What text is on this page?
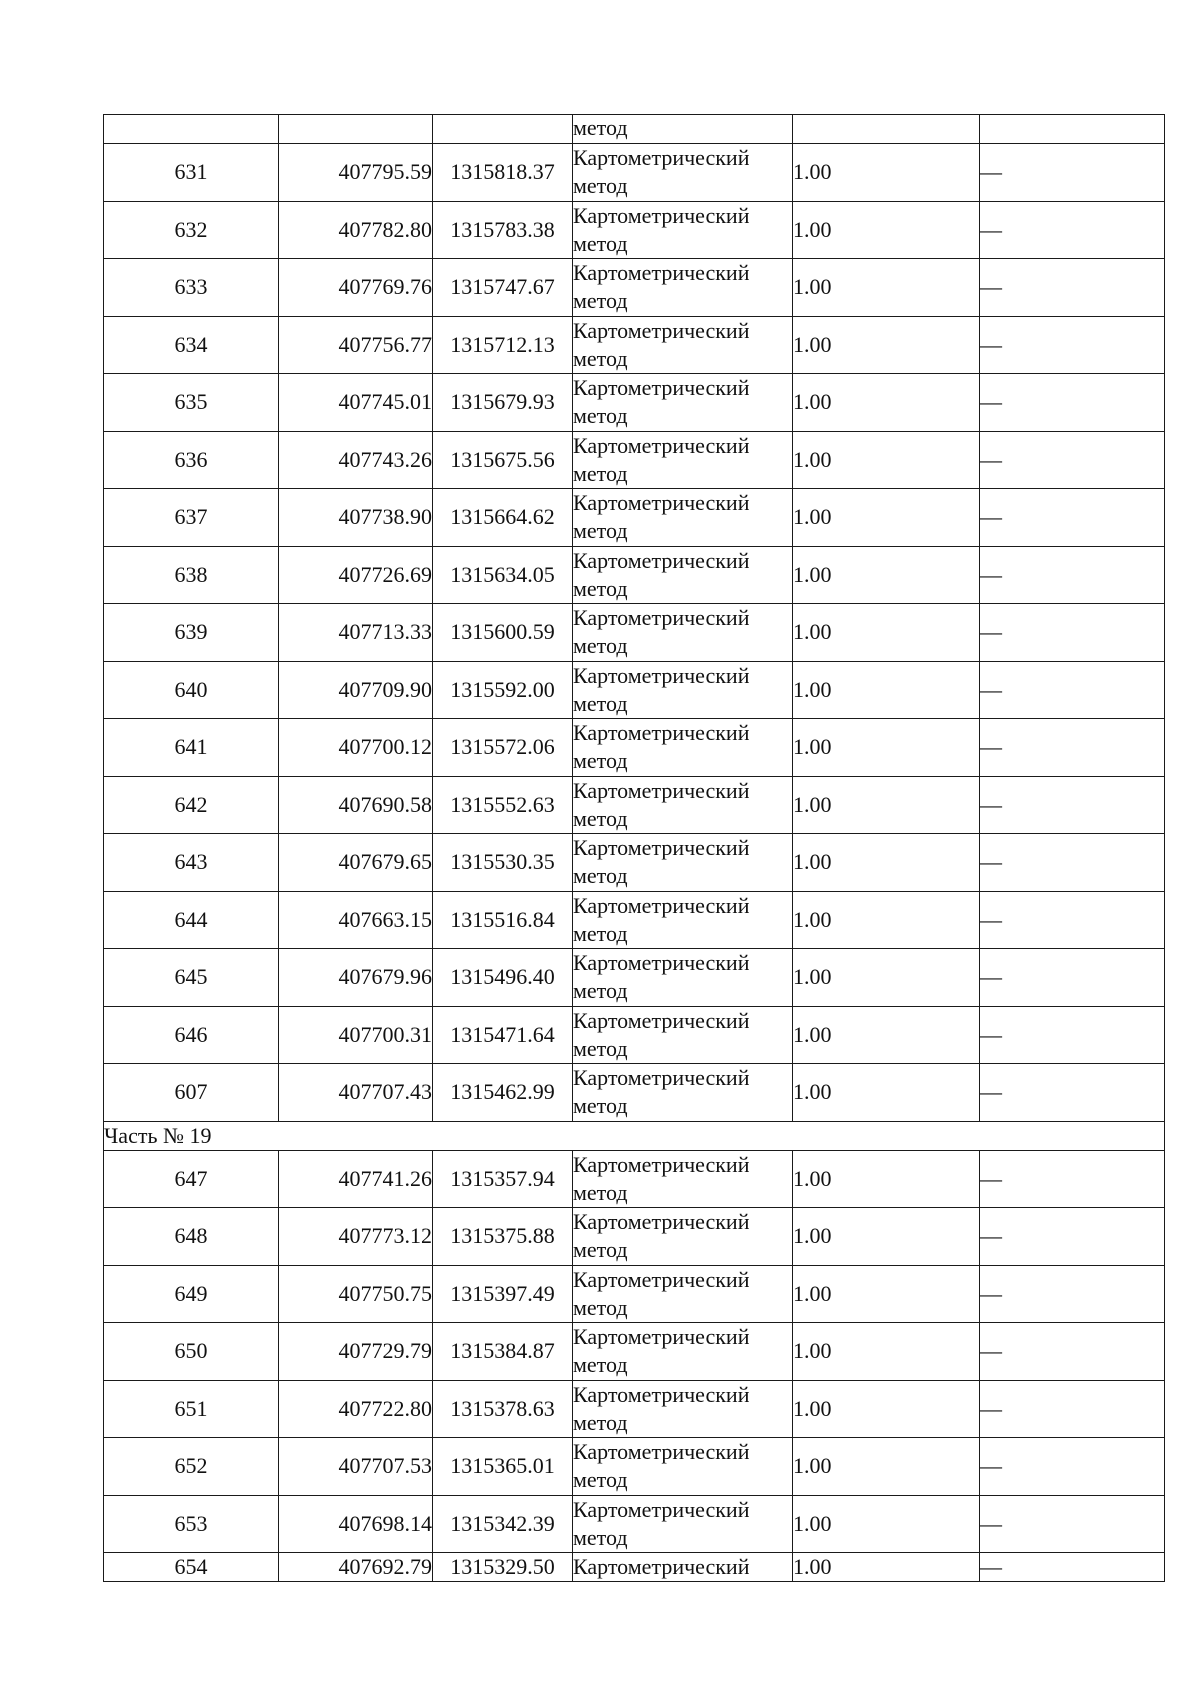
			метод		

631	407795.59	1315818.37	Картометрический
метод	1.00	—
632	407782.80	1315783.38	Картометрический
метод	1.00	—
633	407769.76	1315747.67	Картометрический
метод	1.00	—
634	407756.77	1315712.13	Картометрический
метод	1.00	—
635	407745.01	1315679.93	Картометрический
метод	1.00	—
636	407743.26	1315675.56	Картометрический
метод	1.00	—
637	407738.90	1315664.62	Картометрический
метод	1.00	—
638	407726.69	1315634.05	Картометрический
метод	1.00	—
639	407713.33	1315600.59	Картометрический
метод	1.00	—
640	407709.90	1315592.00	Картометрический
метод	1.00	—
641	407700.12	1315572.06	Картометрический
метод	1.00	—
642	407690.58	1315552.63	Картометрический
метод	1.00	—
643	407679.65	1315530.35	Картометрический
метод	1.00	—
644	407663.15	1315516.84	Картометрический
метод	1.00	—
645	407679.96	1315496.40	Картометрический
метод	1.00	—
646	407700.31	1315471.64	Картометрический
метод	1.00	—
607	407707.43	1315462.99	Картометрический
метод	1.00	—
Часть № 19					
647	407741.26	1315357.94	Картометрический
метод	1.00	—
648	407773.12	1315375.88	Картометрический
метод	1.00	—
649	407750.75	1315397.49	Картометрический
метод	1.00	—
650	407729.79	1315384.87	Картометрический
метод	1.00	—
651	407722.80	1315378.63	Картометрический
метод	1.00	—
652	407707.53	1315365.01	Картометрический
метод	1.00	—
653	407698.14	1315342.39	Картометрический
метод	1.00	—
654	407692.79	1315329.50	Картометрический	1.00	—
